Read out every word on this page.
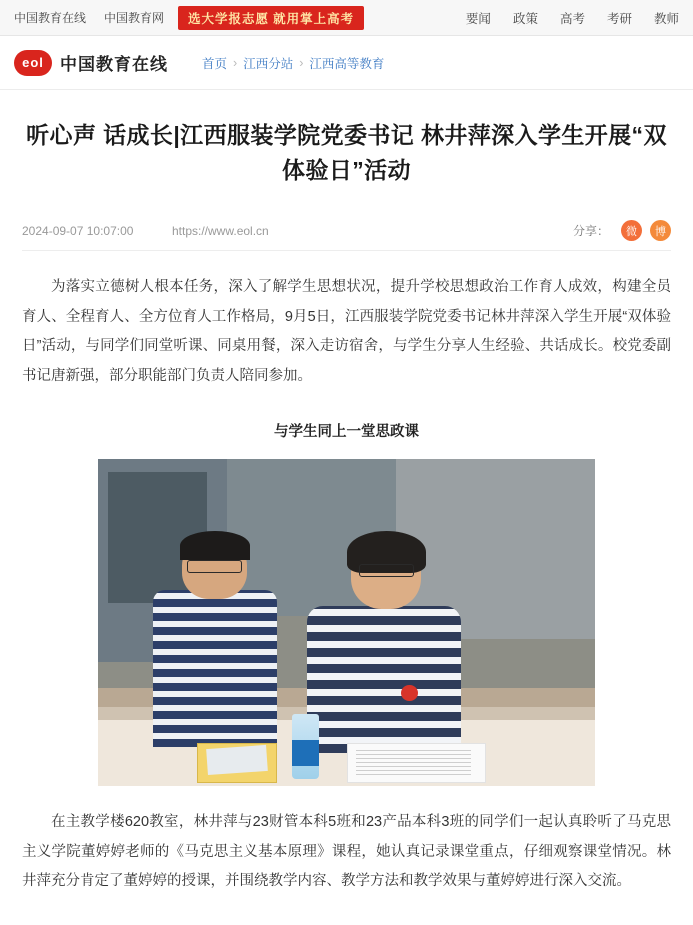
中国教育在线 中国教育网	选大学报志愿 就用掌上高考	要闻 政策 高考 考研 教师
eol 中国教育在线	首页 › 江西分站 › 江西高等教育
听心声 话成长|江西服装学院党委书记 林井萍深入学生开展“双体验日”活动
2024-09-07 10:07:00	https://www.eol.cn	分享：	微	博

为落实立德树人根本任务，深入了解学生思想状况，提升学校思想政治工作育人成效，构建全员育人、全程育人、全方位育人工作格局，9月5日，江西服装学院党委书记林井萍深入学生开展“双体验日”活动，与同学们同堂听课、同桌用餐，深入走访宿舍，与学生分享人生经验、共话成长。校党委副书记唐新强，部分职能部门负责人陪同参加。

与学生同上一堂思政课

在主教学楼620教室，林井萍与23财管本科5班和23产品本科3班的同学们一起认真聆听了马克思主义学院董婷婷老师的《马克思主义基本原理》课程，她认真记录课堂重点，仔细观察课堂情况。林井萍充分肯定了董婷婷的授课，并围绕教学内容、教学方法和教学效果与董婷婷进行深入交流。
